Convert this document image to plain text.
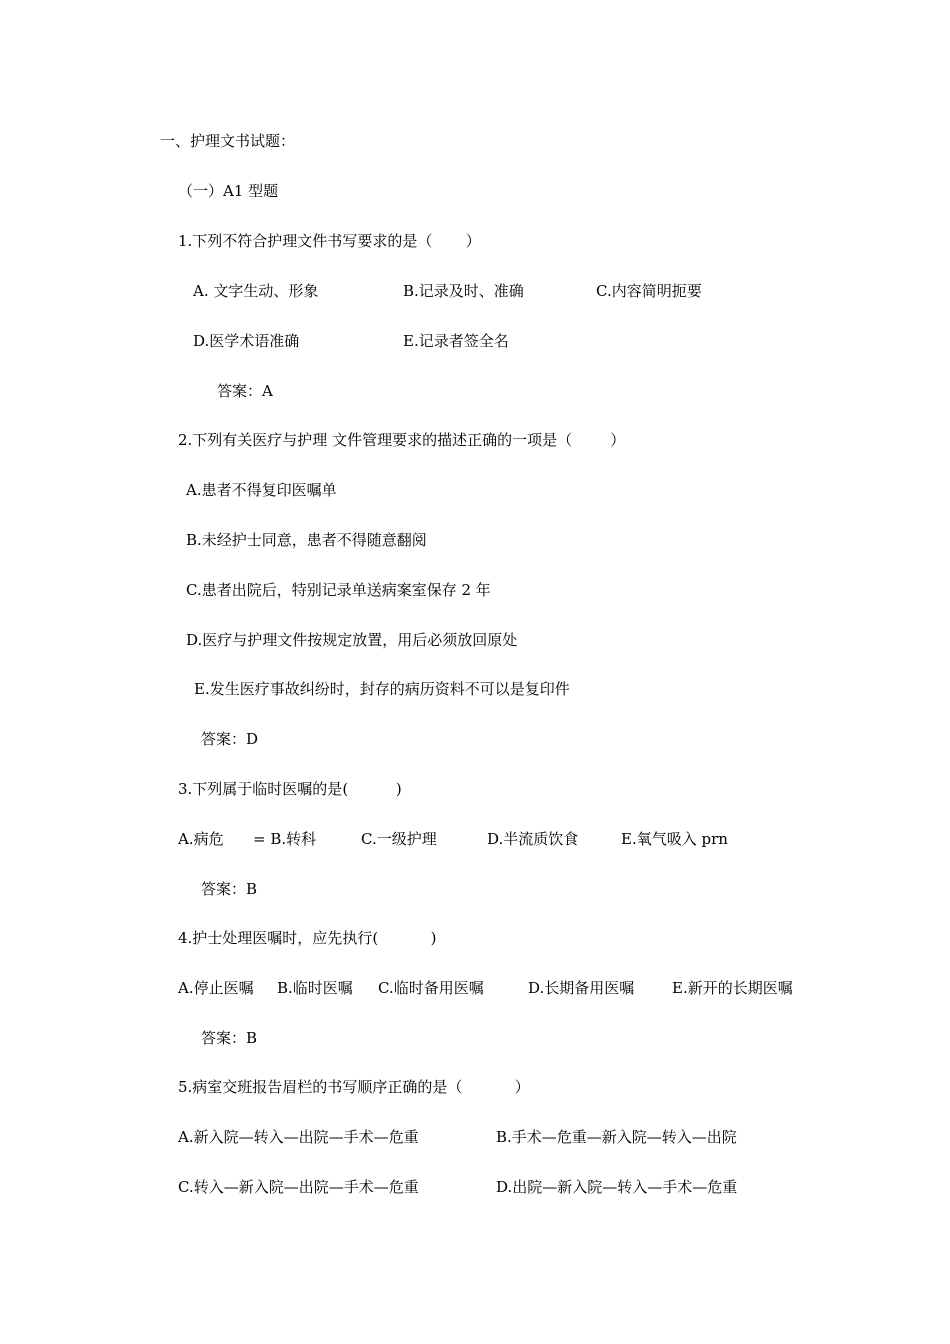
一、护理文书试题：
（一）A1 型题
1.下列不符合护理文件书写要求的是（       ）
A. 文字生动、形象	B.记录及时、准确	C.内容简明扼要
D.医学术语准确	E.记录者签全名
答案：A
2.下列有关医疗与护理 文件管理要求的描述正确的一项是（        ）
A.患者不得复印医嘱单
B.未经护士同意，患者不得随意翻阅
C.患者出院后，特别记录单送病案室保存 2 年
D.医疗与护理文件按规定放置，用后必须放回原处
E.发生医疗事故纠纷时，封存的病历资料不可以是复印件
答案：D
3.下列属于临时医嘱的是(          )
A.病危 = B.转科	C.一级护理	D.半流质饮食	E.氧气吸入 prn
答案：B
4.护士处理医嘱时，应先执行(           )
A.停止医嘱 B.临时医嘱 C.临时备用医嘱	D.长期备用医嘱	E.新开的长期医嘱
答案：B
5.病室交班报告眉栏的书写顺序正确的是（           ）
A.新入院—转入—出院—手术—危重	B.手术—危重—新入院—转入—出院
C.转入—新入院—出院—手术—危重	D.出院—新入院—转入—手术—危重
